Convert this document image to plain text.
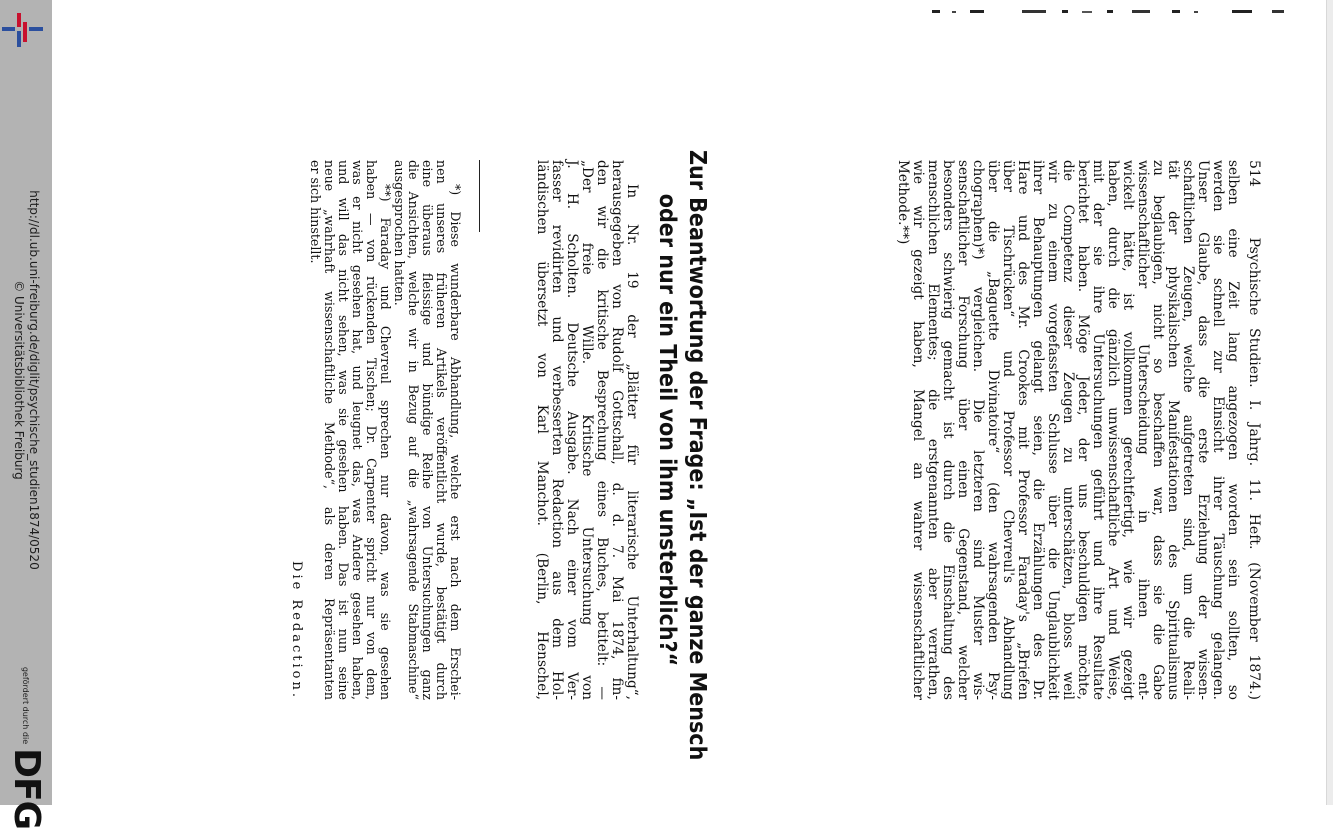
http://dl.ub.uni-freiburg.de/diglit/psychische_studien1874/0520
© Universitätsbibliothek Freiburg
gefördert durch die
DFG
514    Psychische Studien. I. Jahrg. 11. Heft. (November 1874.)
selben eine Zeit lang angezogen worden sein sollten, so
werden sie schnell zur Einsicht ihrer Täuschung gelangen.
Unser Glaube, dass die erste Erziehung der wissen-
schaftlichen Zeugen, welche aufgetreten sind, um die Reali-
tät der physikalischen Manifestationen des Spiritualismus
zu beglaubigen, nicht so beschaffen war, dass sie die Gabe
wissenschaftlicher Unterscheidung in ihnen ent-
wickelt hätte, ist vollkommen gerechtfertigt, wie wir gezeigt
haben, durch die gänzlich unwissenschaftliche Art und Weise,
mit der sie ihre Untersuchungen geführt und ihre Resultate
berichtet haben. Möge Jeder, der uns beschuldigen möchte,
die Competenz dieser Zeugen zu unterschätzen, bloss weil
wir zu einem vorgefassten Schlusse über die Unglaublichkeit
ihrer Behauptungen gelangt seien, die Erzählungen des Dr.
Hare und des Mr. Crookes mit Professor Faraday's „Briefen
über Tischrücken“ und Professor Chevreul's Abhandlung
über die „Baguette Divinatoire“ (den wahrsagenden Psy-
chographen)*) vergleichen. Die letzteren sind Muster wis-
senschaftlicher Forschung über einen Gegenstand, welcher
besonders schwierig gemacht ist durch die Einschaltung des
menschlichen Elementes; die erstgenannten aber verrathen,
wie wir gezeigt haben, Mangel an wahrer wissenschaftlicher
Methode.**)
Zur Beantwortung der Frage: „Ist der ganze Mensch
oder nur ein Theil von ihm unsterblich?“
In Nr. 19 der „Blätter für literarische Unterhaltung“,
herausgegeben von Rudolf Gottschall, d. d. 7. Mai 1874, fin-
den wir die kritische Besprechung eines Buches, betitelt: —
„Der freie Wille. Kritische Untersuchung von
J. H. Scholten. Deutsche Ausgabe. Nach einer vom Ver-
fasser revidirten und verbesserten Redaction aus dem Hol-
ländischen übersetzt von Karl Manchot. (Berlin, Henschel,
*) Diese wunderbare Abhandlung, welche erst nach dem Erschei-
nen unseres früheren Artikels veröffentlicht wurde, bestätigt durch
eine überaus fleissige und bündige Reihe von Untersuchungen ganz
die Ansichten, welche wir in Bezug auf die „wahrsagende Stabmaschine“
ausgesprochen hatten.
**) Faraday und Chevreul sprechen nur davon, was sie gesehen
haben — von rückenden Tischen; Dr. Carpenter spricht nur von dem,
was er nicht gesehen hat, und leugnet das, was Andere gesehen haben,
und will das nicht sehen, was sie gesehen haben. Das ist nun seine
neue „wahrhaft wissenschaftliche Methode“, als deren Repräsentanten
er sich hinstellt.
Die Redaction.
